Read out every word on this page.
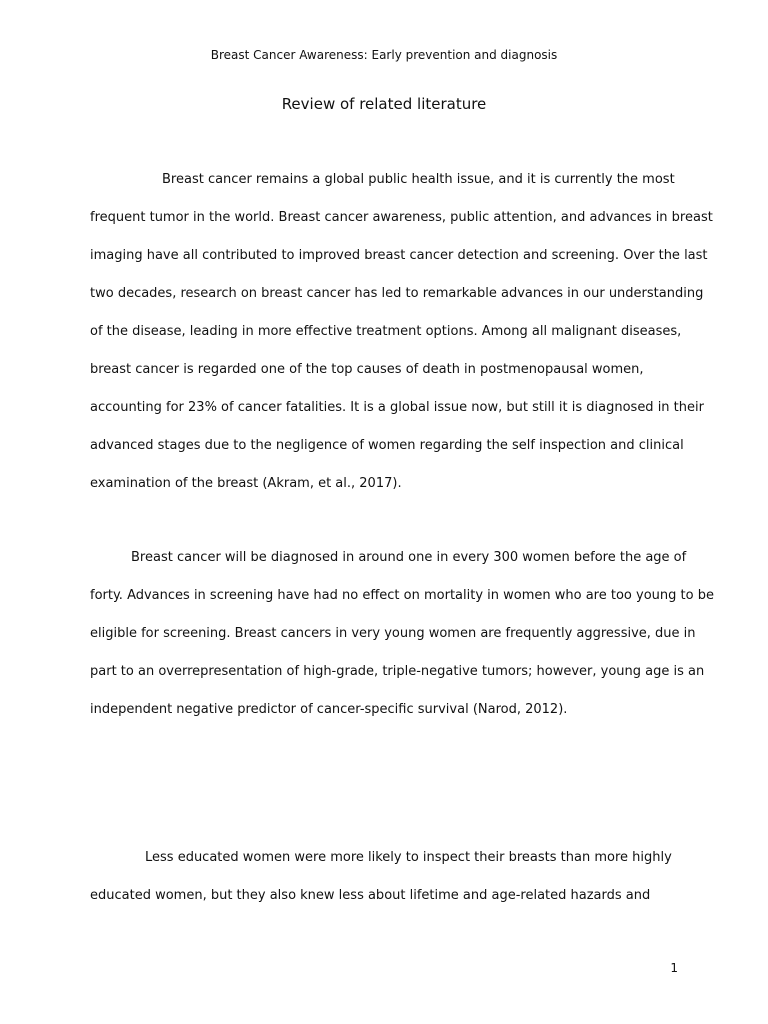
Breast Cancer Awareness: Early prevention and diagnosis
Review of related literature
Breast cancer remains a global public health issue, and it is currently the most
frequent tumor in the world. Breast cancer awareness, public attention, and advances in breast
imaging have all contributed to improved breast cancer detection and screening. Over the last
two decades, research on breast cancer has led to remarkable advances in our understanding
of the disease, leading in more effective treatment options. Among all malignant diseases,
breast cancer is regarded one of the top causes of death in postmenopausal women,
accounting for 23% of cancer fatalities. It is a global issue now, but still it is diagnosed in their
advanced stages due to the negligence of women regarding the self inspection and clinical
examination of the breast (Akram, et al., 2017).
Breast cancer will be diagnosed in around one in every 300 women before the age of
forty. Advances in screening have had no effect on mortality in women who are too young to be
eligible for screening. Breast cancers in very young women are frequently aggressive, due in
part to an overrepresentation of high-grade, triple-negative tumors; however, young age is an
independent negative predictor of cancer-specific survival (Narod, 2012).
Less educated women were more likely to inspect their breasts than more highly
educated women, but they also knew less about lifetime and age-related hazards and
1
